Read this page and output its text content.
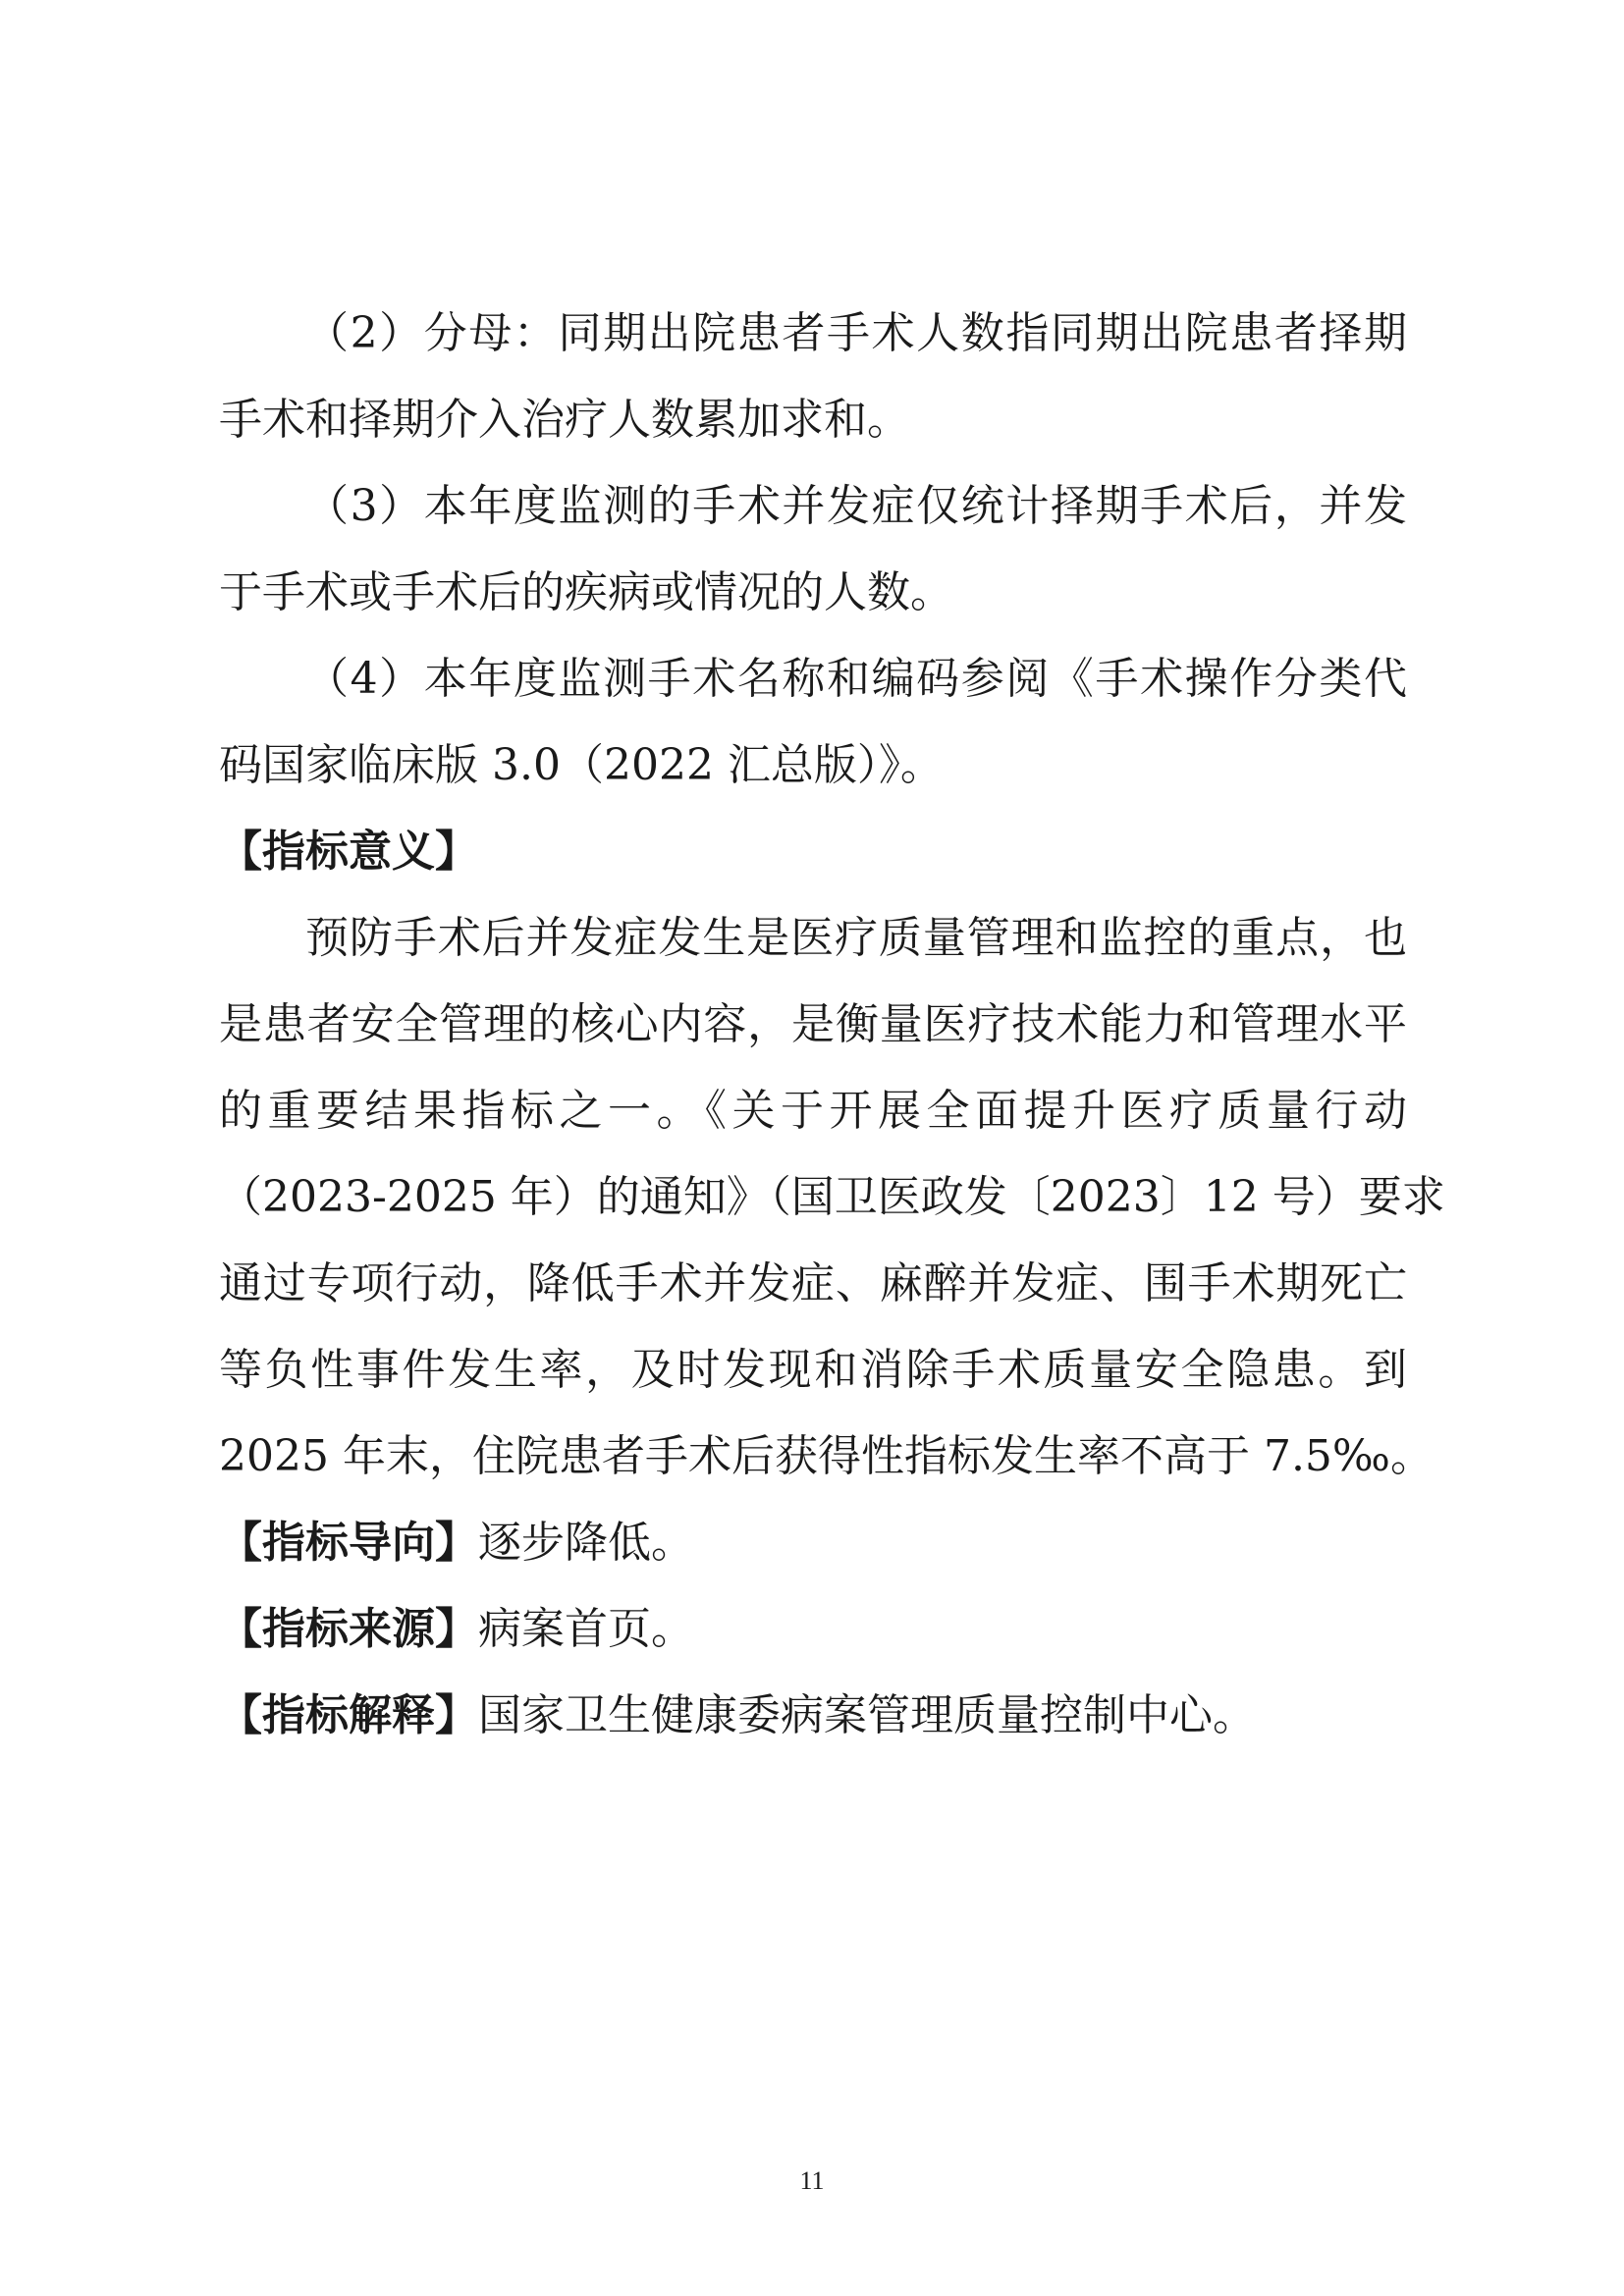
（2）分母：同期出院患者手术人数指同期出院患者择期
手术和择期介入治疗人数累加求和。
（3）本年度监测的手术并发症仅统计择期手术后，并发
于手术或手术后的疾病或情况的人数。
（4）本年度监测手术名称和编码参阅《手术操作分类代
码国家临床版 3.0（2022 汇总版）》。
【指标意义】
预防手术后并发症发生是医疗质量管理和监控的重点，也
是患者安全管理的核心内容，是衡量医疗技术能力和管理水平
的重要结果指标之一。《关于开展全面提升医疗质量行动
（2023-2025 年）的通知》（国卫医政发〔2023〕12 号）要求
通过专项行动，降低手术并发症、麻醉并发症、围手术期死亡
等负性事件发生率，及时发现和消除手术质量安全隐患。到
2025 年末，住院患者手术后获得性指标发生率不高于 7.5‰。
【指标导向】逐步降低。
【指标来源】病案首页。
【指标解释】国家卫生健康委病案管理质量控制中心。
11
